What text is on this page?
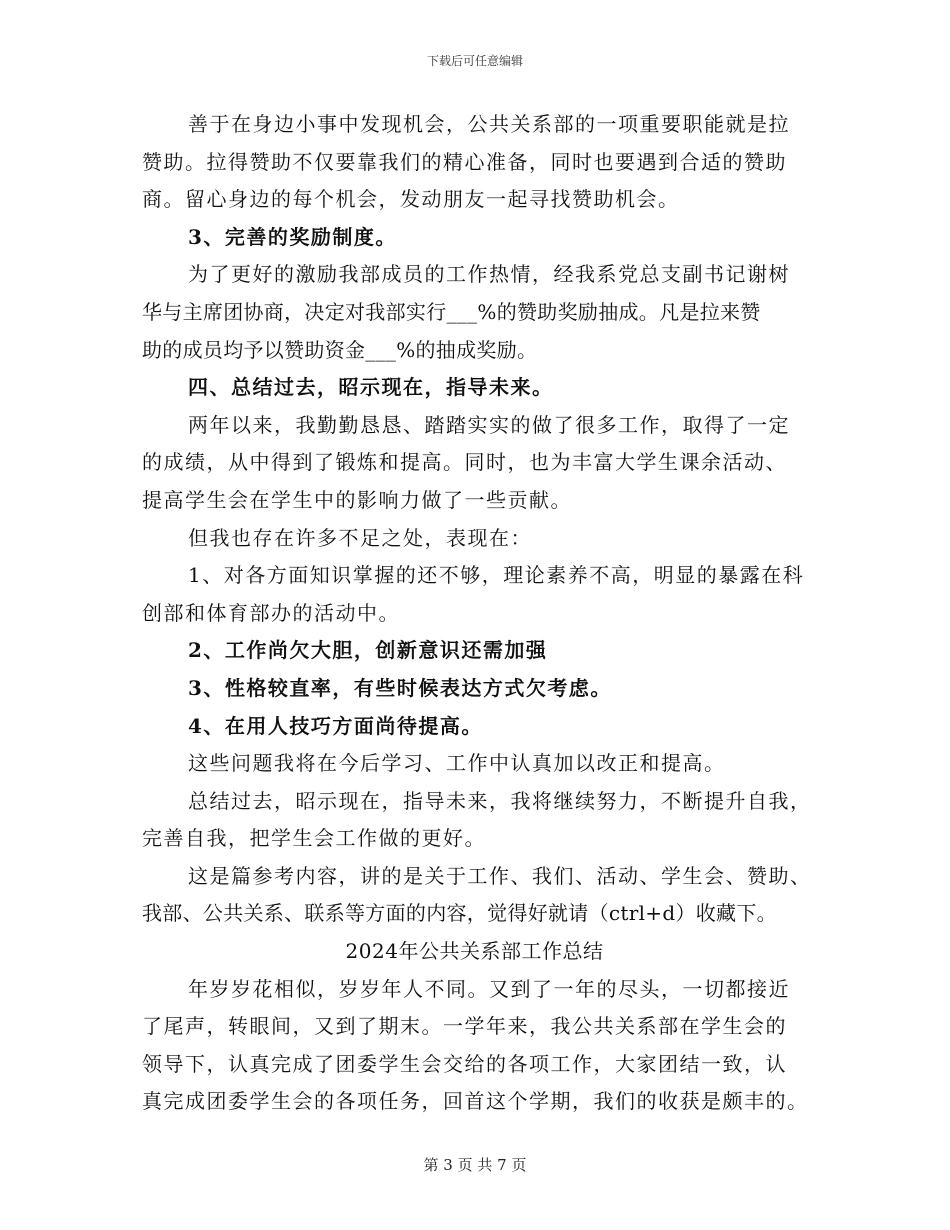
下载后可任意编辑
善于在身边小事中发现机会，公共关系部的一项重要职能就是拉
赞助。拉得赞助不仅要靠我们的精心准备，同时也要遇到合适的赞助
商。留心身边的每个机会，发动朋友一起寻找赞助机会。
3、完善的奖励制度。
为了更好的激励我部成员的工作热情，经我系党总支副书记谢树
华与主席团协商，决定对我部实行___%的赞助奖励抽成。凡是拉来赞
助的成员均予以赞助资金___%的抽成奖励。
四、总结过去，昭示现在，指导未来。
两年以来，我勤勤恳恳、踏踏实实的做了很多工作，取得了一定
的成绩，从中得到了锻炼和提高。同时，也为丰富大学生课余活动、
提高学生会在学生中的影响力做了一些贡献。
但我也存在许多不足之处，表现在：
1、对各方面知识掌握的还不够，理论素养不高，明显的暴露在科
创部和体育部办的活动中。
2、工作尚欠大胆，创新意识还需加强
3、性格较直率，有些时候表达方式欠考虑。
4、在用人技巧方面尚待提高。
这些问题我将在今后学习、工作中认真加以改正和提高。
总结过去，昭示现在，指导未来，我将继续努力，不断提升自我，
完善自我，把学生会工作做的更好。
这是篇参考内容，讲的是关于工作、我们、活动、学生会、赞助、
我部、公共关系、联系等方面的内容，觉得好就请（ctrl+d）收藏下。
2024年公共关系部工作总结
年岁岁花相似，岁岁年人不同。又到了一年的尽头，一切都接近
了尾声，转眼间，又到了期末。一学年来，我公共关系部在学生会的
领导下，认真完成了团委学生会交给的各项工作，大家团结一致，认
真完成团委学生会的各项任务，回首这个学期，我们的收获是颇丰的。
第 3 页 共 7 页
